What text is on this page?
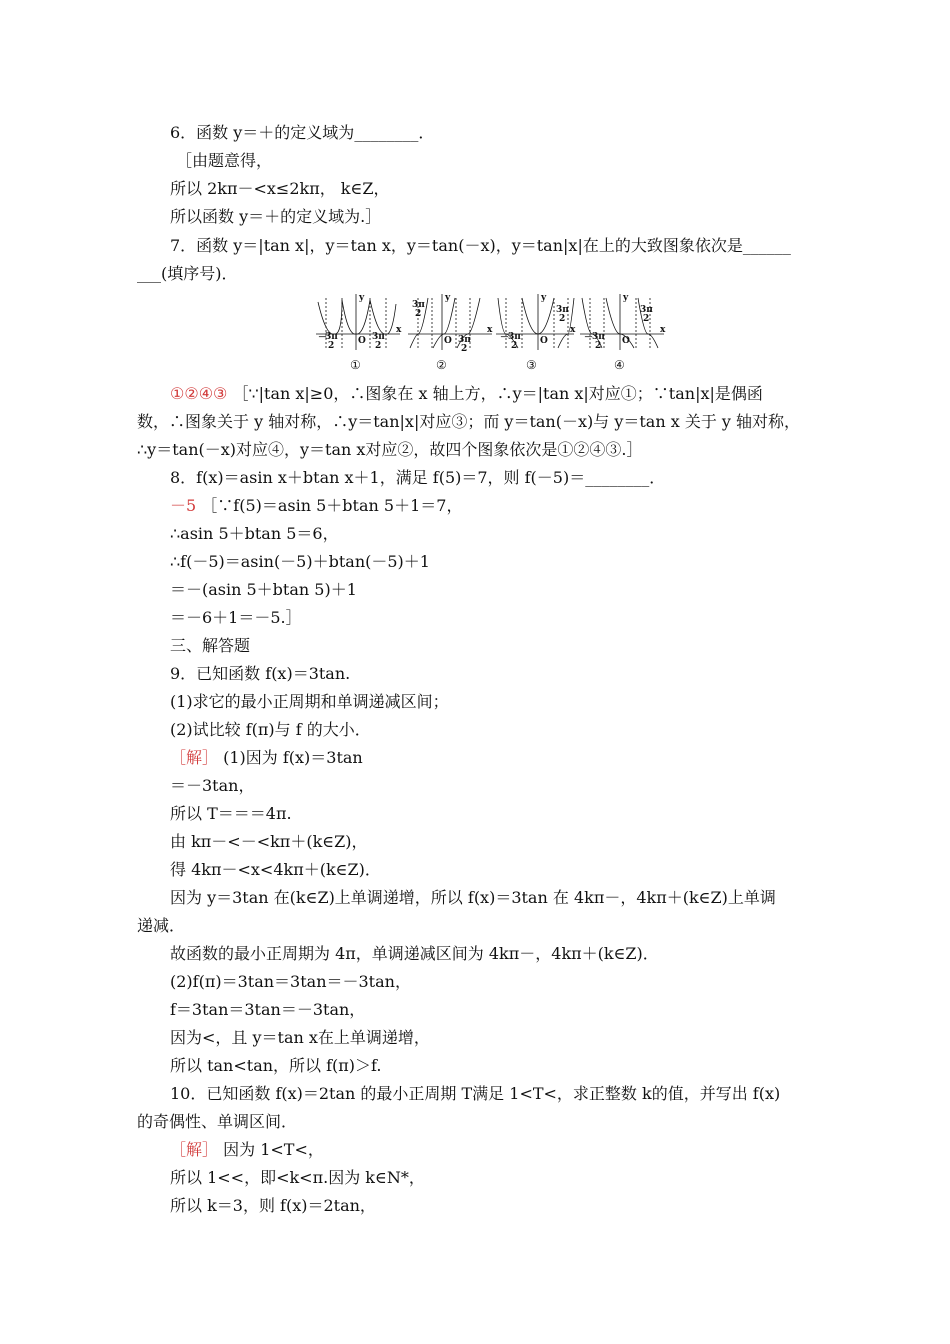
6．函数 y＝＋的定义域为________．
［由题意得，
所以 2kπ－<x≤2kπ， k∈Z，
所以函数 y＝＋的定义域为.］
7．函数 y＝|tan x|，y＝tan x，y＝tan(－x)，y＝tan|x|在上的大致图象依次是______
___(填序号)．
y
x
O
y
x
O
y
x
O
y
x
O
－
3π
2
3π
2
3π
2
3π
2
－
3π
2
3π
2
－
3π
2
3π
2
①	②	③	④
①②④③ ［∵|tan x|≥0，∴图象在 x 轴上方，∴y＝|tan x|对应①；∵tan|x|是偶函
数，∴图象关于 y 轴对称，∴y＝tan|x|对应③；而 y＝tan(－x)与 y＝tan x 关于 y 轴对称，
∴y＝tan(－x)对应④，y＝tan x对应②，故四个图象依次是①②④③.］
8．f(x)＝asin x＋btan x＋1，满足 f(5)＝7，则 f(－5)＝________．
－5 ［∵f(5)＝asin 5＋btan 5＋1＝7，
∴asin 5＋btan 5＝6，
∴f(－5)＝asin(－5)＋btan(－5)＋1
＝－(asin 5＋btan 5)＋1
＝－6＋1＝－5.］
三、解答题
9．已知函数 f(x)＝3tan.
(1)求它的最小正周期和单调递减区间；
(2)试比较 f(π)与 f 的大小．
［解］ (1)因为 f(x)＝3tan
＝－3tan，
所以 T＝＝＝4π.
由 kπ－<－<kπ＋(k∈Z)，
得 4kπ－<x<4kπ＋(k∈Z)．
因为 y＝3tan 在(k∈Z)上单调递增，所以 f(x)＝3tan 在 4kπ－，4kπ＋(k∈Z)上单调
递减．
故函数的最小正周期为 4π，单调递减区间为 4kπ－，4kπ＋(k∈Z)．
(2)f(π)＝3tan＝3tan＝－3tan，
f＝3tan＝3tan＝－3tan，
因为<，且 y＝tan x在上单调递增，
所以 tan<tan，所以 f(π)＞f.
10．已知函数 f(x)＝2tan 的最小正周期 T满足 1<T<，求正整数 k的值，并写出 f(x)
的奇偶性、单调区间．
［解］ 因为 1<T<，
所以 1<<，即<k<π.因为 k∈N*，
所以 k＝3，则 f(x)＝2tan，
